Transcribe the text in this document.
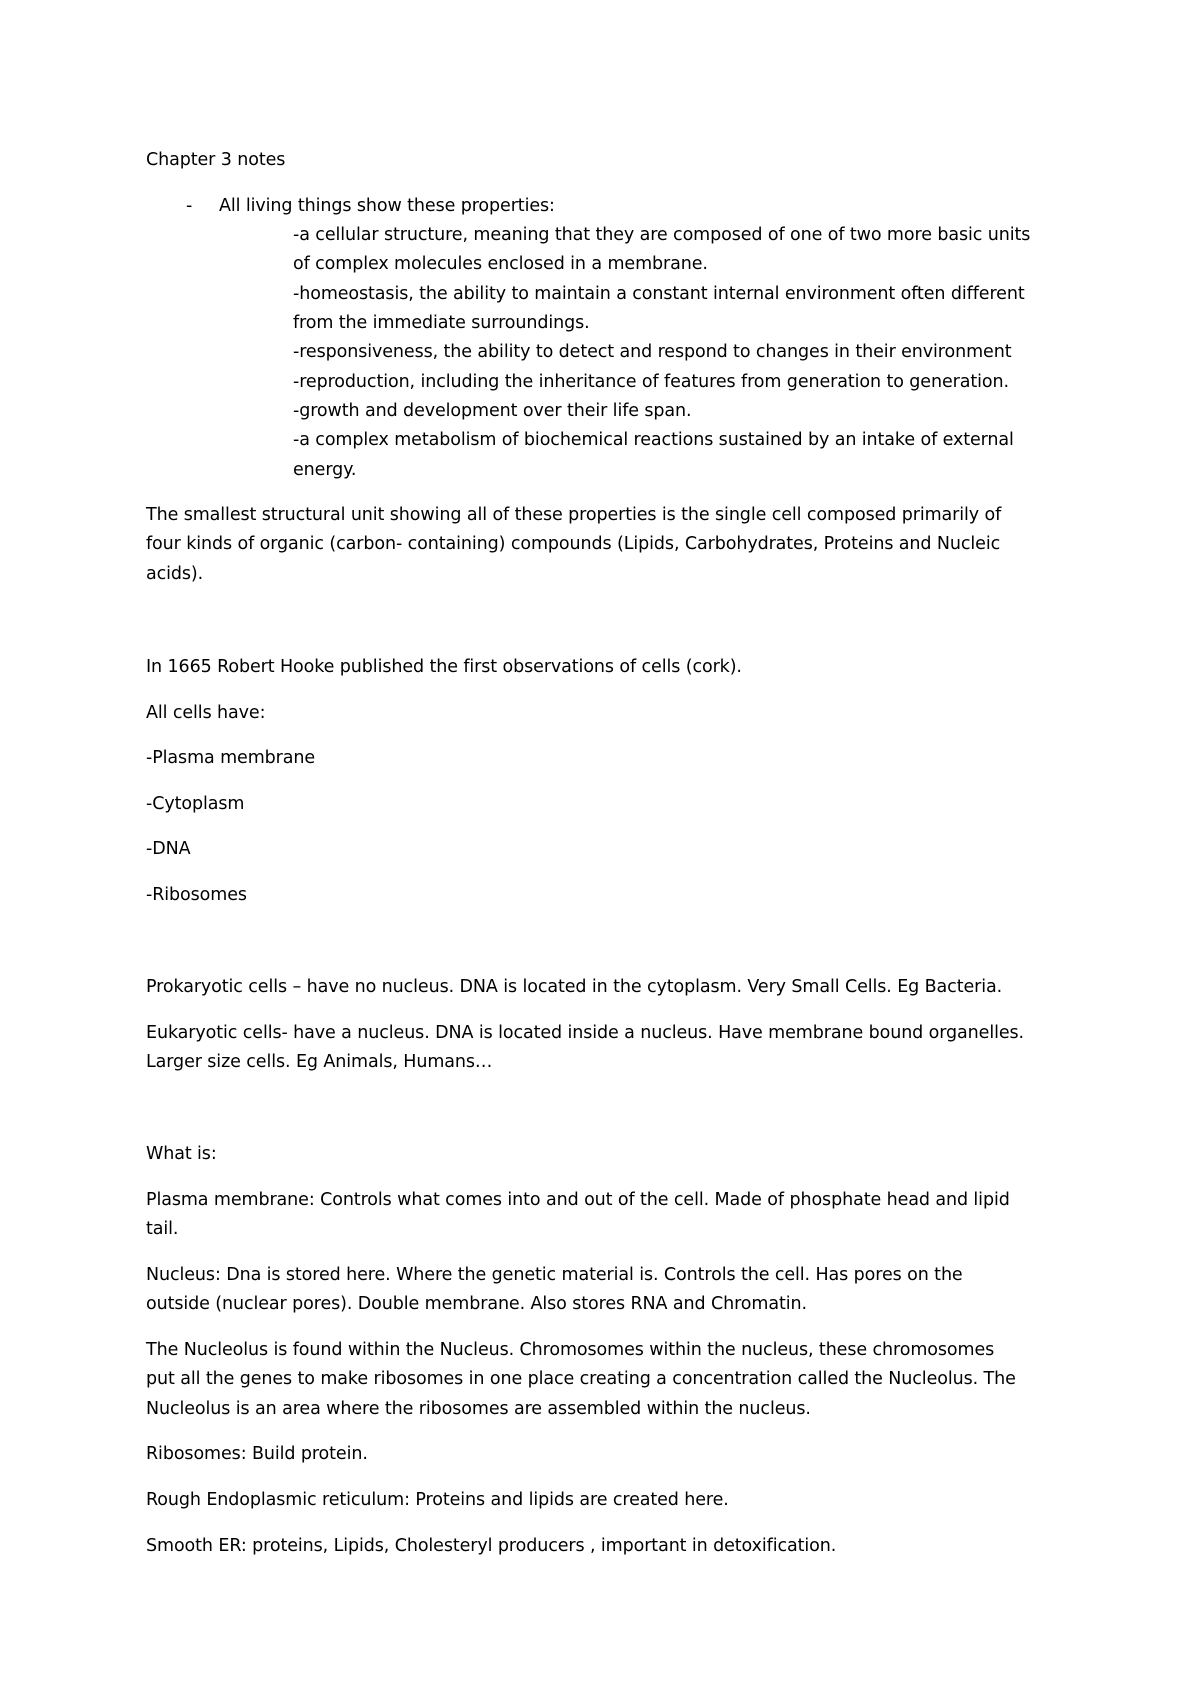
Chapter 3 notes

- All living things show these properties:

-a cellular structure, meaning that they are composed of one of two more basic units

of complex molecules enclosed in a membrane.

-homeostasis, the ability to maintain a constant internal environment often different

from the immediate surroundings.

-responsiveness, the ability to detect and respond to changes in their environment

-reproduction, including the inheritance of features from generation to generation.

-growth and development over their life span.

-a complex metabolism of biochemical reactions sustained by an intake of external

energy.

The smallest structural unit showing all of these properties is the single cell composed primarily of

four kinds of organic (carbon- containing) compounds (Lipids, Carbohydrates, Proteins and Nucleic

acids).

In 1665 Robert Hooke published the first observations of cells (cork).

All cells have:

-Plasma membrane

-Cytoplasm

-DNA

-Ribosomes

Prokaryotic cells – have no nucleus. DNA is located in the cytoplasm. Very Small Cells. Eg Bacteria.

Eukaryotic cells- have a nucleus. DNA is located inside a nucleus. Have membrane bound organelles.

Larger size cells. Eg Animals, Humans…

What is:

Plasma membrane: Controls what comes into and out of the cell. Made of phosphate head and lipid

tail.

Nucleus: Dna is stored here. Where the genetic material is. Controls the cell. Has pores on the

outside (nuclear pores). Double membrane. Also stores RNA and Chromatin.

The Nucleolus is found within the Nucleus. Chromosomes within the nucleus, these chromosomes

put all the genes to make ribosomes in one place creating a concentration called the Nucleolus. The

Nucleolus is an area where the ribosomes are assembled within the nucleus.

Ribosomes: Build protein.

Rough Endoplasmic reticulum: Proteins and lipids are created here.

Smooth ER: proteins, Lipids, Cholesteryl producers , important in detoxification.
